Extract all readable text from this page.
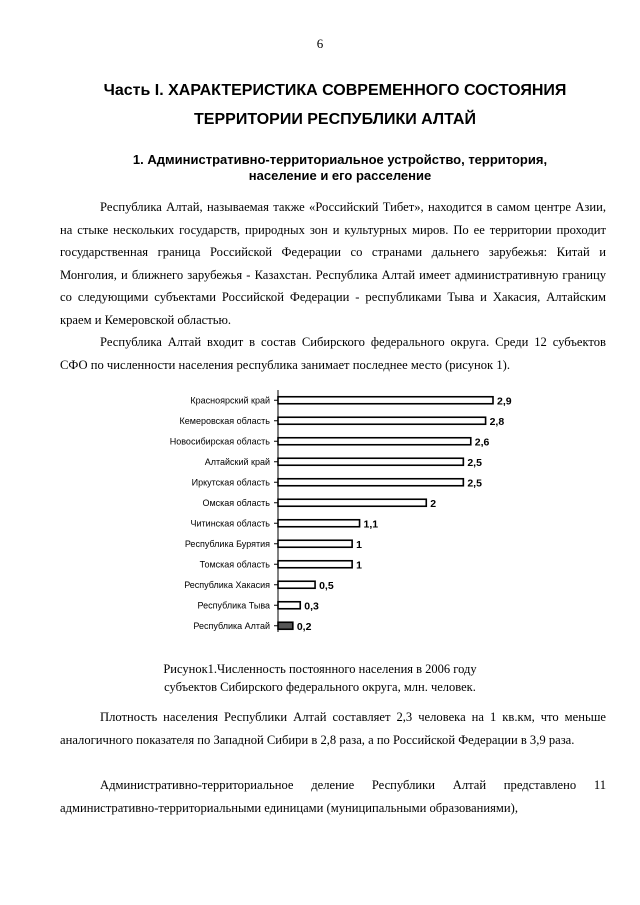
6
Часть I. ХАРАКТЕРИСТИКА СОВРЕМЕННОГО СОСТОЯНИЯ
ТЕРРИТОРИИ РЕСПУБЛИКИ АЛТАЙ
1. Административно-территориальное устройство, территория,
население и его расселение
Республика Алтай, называемая также «Российский Тибет», находится в самом центре Азии, на стыке нескольких государств, природных зон и культурных миров. По ее территории проходит государственная граница Российской Федерации со странами дальнего зарубежья: Китай и Монголия, и ближнего зарубежья - Казахстан. Республика Алтай имеет административную границу со следующими субъектами Российской Федерации - республиками Тыва и Хакасия, Алтайским краем и Кемеровской областью.
Республика Алтай входит в состав Сибирского федерального округа. Среди 12 субъектов СФО по численности населения республика занимает последнее место (рисунок 1).
Красноярский край	2,9
Кемеровская область	2,8
Новосибирская область	2,6
Алтайский край	2,5
Иркутская область	2,5
Омская область	2
Читинская область	1,1
Республика Бурятия	1
Томская область	1
Республика Хакасия	0,5
Республика Тыва	0,3
Республика Алтай	0,2
Рисунок1.Численность постоянного населения в 2006 году
субъектов Сибирского федерального округа, млн. человек.
Плотность населения Республики Алтай составляет 2,3 человека на 1 кв.км, что меньше аналогичного показателя по Западной Сибири в 2,8 раза, а по Российской Федерации в 3,9 раза.
Административно-территориальное деление Республики Алтай представлено 11 административно-территориальными единицами (муниципальными образованиями),
